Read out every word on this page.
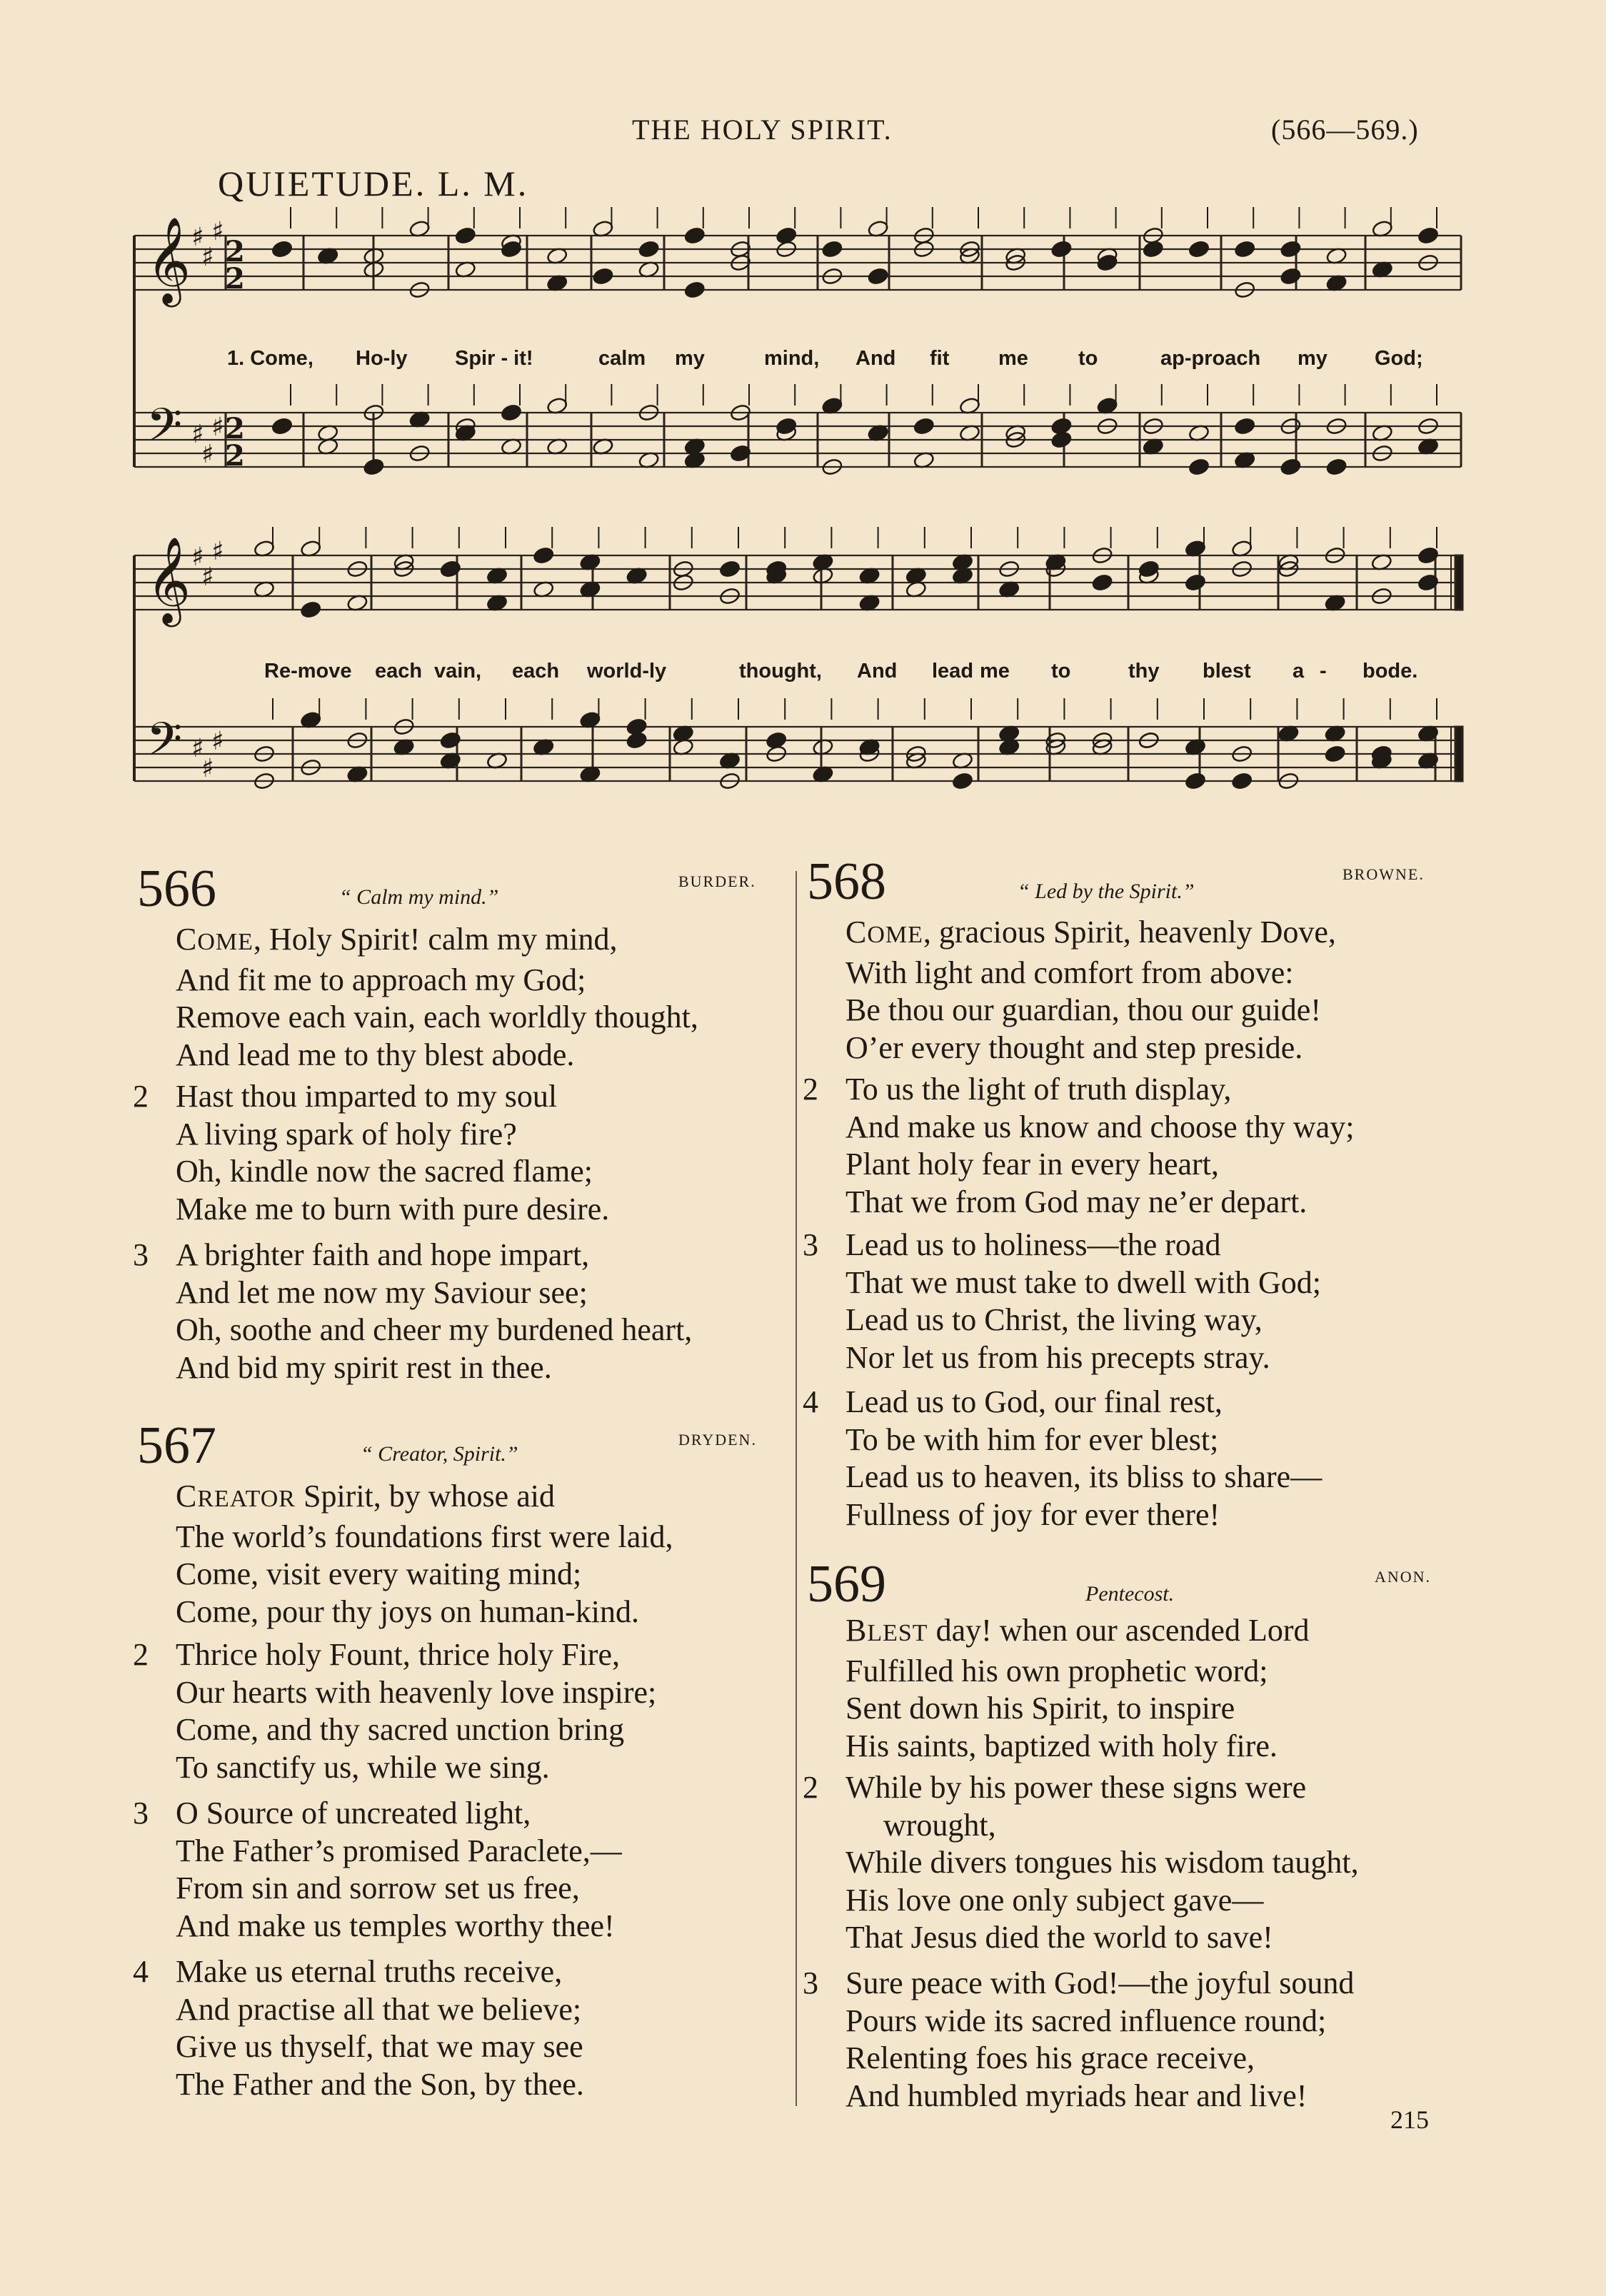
THE HOLY SPIRIT.	(566—569.)
QUIETUDE. L. M.
𝄞 ♯
♯
♯
2
2
𝄢 ♯
♯
♯ 2
2
𝄞 ♯
♯
♯
𝄢 ♯
♯
♯
1. Come, Ho-ly Spir - it!	calm my	mind, And fit me to	ap-proach my God;
Re-move each vain, each world-ly	thought, And lead me to	thy blest a - bode.
566	“ Calm my mind.”
BURDER.
COME, Holy Spirit! calm my mind,
And fit me to approach my God;
Remove each vain, each worldly thought,
And lead me to thy blest abode.
2 Hast thou imparted to my soul
A living spark of holy fire?
Oh, kindle now the sacred flame;
Make me to burn with pure desire.
3 A brighter faith and hope impart,
And let me now my Saviour see;
Oh, soothe and cheer my burdened heart,
And bid my spirit rest in thee.
567	“ Creator, Spirit.”
DRYDEN.
CREATOR Spirit, by whose aid
The world’s foundations first were laid,
Come, visit every waiting mind;
Come, pour thy joys on human-kind.
2 Thrice holy Fount, thrice holy Fire,
Our hearts with heavenly love inspire;
Come, and thy sacred unction bring
To sanctify us, while we sing.
3 O Source of uncreated light,
The Father’s promised Paraclete,—
From sin and sorrow set us free,
And make us temples worthy thee!
4 Make us eternal truths receive,
And practise all that we believe;
Give us thyself, that we may see
The Father and the Son, by thee.
568	“ Led by the Spirit.”
BROWNE.
COME, gracious Spirit, heavenly Dove,
With light and comfort from above:
Be thou our guardian, thou our guide!
O’er every thought and step preside.
2 To us the light of truth display,
And make us know and choose thy way;
Plant holy fear in every heart,
That we from God may ne’er depart.
3 Lead us to holiness—the road
That we must take to dwell with God;
Lead us to Christ, the living way,
Nor let us from his precepts stray.
4 Lead us to God, our final rest,
To be with him for ever blest;
Lead us to heaven, its bliss to share—
Fullness of joy for ever there!
569	Pentecost.
ANON.
BLEST day! when our ascended Lord
Fulfilled his own prophetic word;
Sent down his Spirit, to inspire
His saints, baptized with holy fire.
2 While by his power these signs were
wrought,
While divers tongues his wisdom taught,
His love one only subject gave—
That Jesus died the world to save!
3 Sure peace with God!—the joyful sound
Pours wide its sacred influence round;
Relenting foes his grace receive,
And humbled myriads hear and live!
215
